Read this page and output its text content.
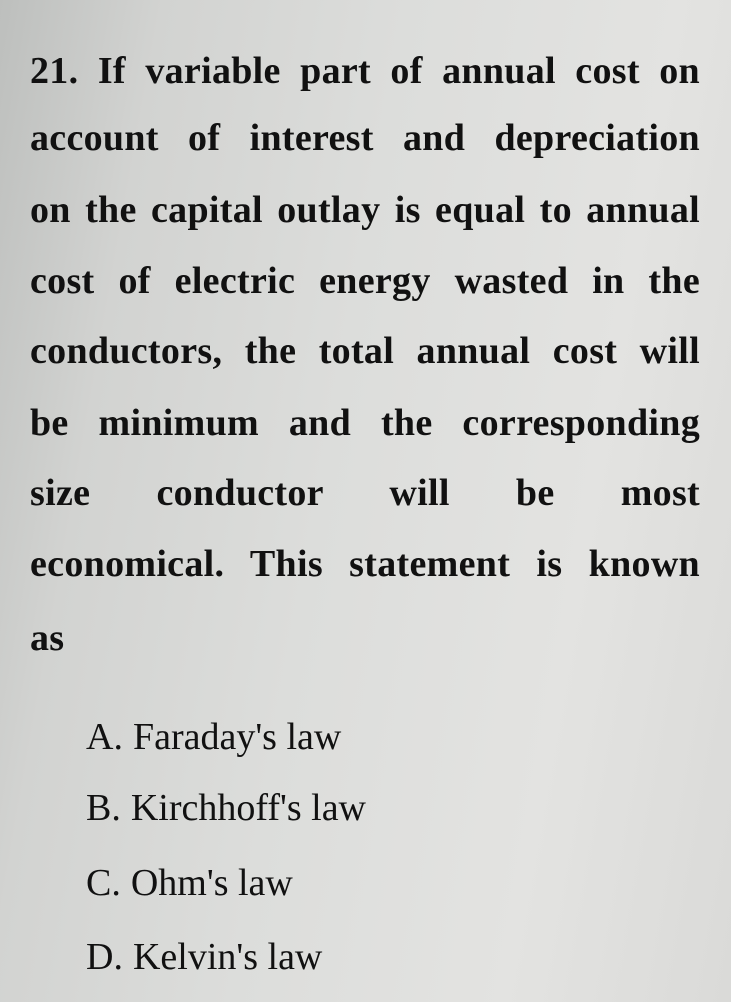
21. If variable part of annual cost on
account of interest and depreciation
on the capital outlay is equal to annual
cost of electric energy wasted in the
conductors, the total annual cost will
be minimum and the corresponding
size conductor will be most
economical. This statement is known
as
A. Faraday's law
B. Kirchhoff's law
C. Ohm's law
D. Kelvin's law
